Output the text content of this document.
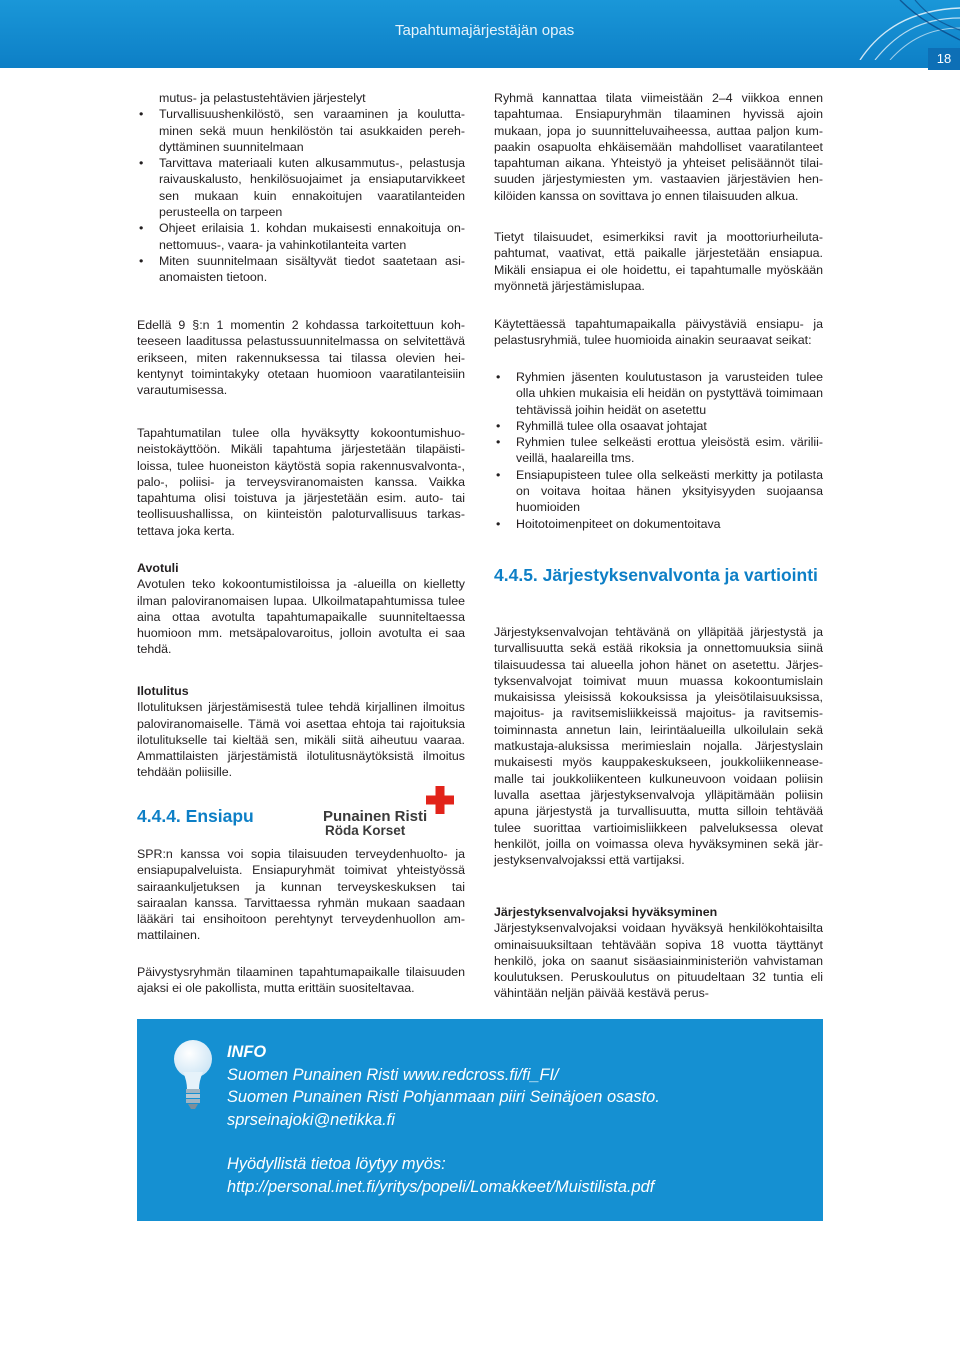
Tapahtumajärjestäjän opas
18

mutus- ja pelastustehtävien järjestelyt

• Turvallisuushenkilöstö, sen varaaminen ja kouluttaminen sekä muun henkilöstön tai asukkaiden perehdyttäminen suunnitelmaan
• Tarvittava materiaali kuten alkusammutus-, pelastusja raivauskalusto, henkilösuojaimet ja ensiaputarvikkeet sen mukaan kuin ennakoitujen vaaratilanteiden perusteella on tarpeen
• Ohjeet erilaisia 1. kohdan mukaisesti ennakoituja onnettomuus-, vaara- ja vahinkotilanteita varten
• Miten suunnitelmaan sisältyvät tiedot saatetaan asianomaisten tietoon.
Edellä 9 §:n 1 momentin 2 kohdassa tarkoitettuun kohteeseen laaditussa pelastussuunnitelmassa on selvitettävä erikseen, miten rakennuksessa tai tilassa olevien heikentynyt toimintakyky otetaan huomioon vaaratilanteisiin varautumisessa.
Tapahtumatilan tulee olla hyväksytty kokoontumishuoneistokäyttöön. Mikäli tapahtuma järjestetään tilapäistiloissa, tulee huoneiston käytöstä sopia rakennusvalvonta-, palo-, poliisi- ja terveysviranomaisten kanssa. Vaikka tapahtuma olisi toistuva ja järjestetään esim. auto- tai teollisuushallissa, on kiinteistön paloturvallisuus tarkastettava joka kerta.

Avotuli

Avotulen teko kokoontumistiloissa ja -alueilla on kielletty ilman paloviranomaisen lupaa. Ulkoilmatapahtumissa tulee aina ottaa avotulta tapahtumapaikalle suunniteltaessa huomioon mm. metsäpalovaroitus, jolloin avotulta ei saa tehdä.

Ilotulitus

Ilotulituksen järjestämisestä tulee tehdä kirjallinen ilmoitus paloviranomaiselle. Tämä voi asettaa ehtoja tai rajoituksia ilotulitukselle tai kieltää sen, mikäli siitä aiheutuu vaaraa. Ammattilaisten järjestämistä ilotulitusnäytöksistä ilmoitus tehdään poliisille.

4.4.4. Ensiapu	Punainen Risti
Röda Korset
SPR:n kanssa voi sopia tilaisuuden terveydenhuolto- ja ensiapupalveluista. Ensiapuryhmät toimivat yhteistyössä sairaankuljetuksen ja kunnan terveyskeskuksen tai sairaalan kanssa. Tarvittaessa ryhmän mukaan saadaan lääkäri tai ensihoitoon perehtynyt terveydenhuollon ammattilainen.
Päivystysryhmän tilaaminen tapahtumapaikalle tilaisuuden ajaksi ei ole pakollista, mutta erittäin suositeltavaa.
Ryhmä kannattaa tilata viimeistään 2–4 viikkoa ennen tapahtumaa. Ensiapuryhmän tilaaminen hyvissä ajoin mukaan, jopa jo suunnitteluvaiheessa, auttaa paljon kumpaakin osapuolta ehkäisemään mahdolliset vaaratilanteet tapahtuman aikana. Yhteistyö ja yhteiset pelisäännöt tilaisuuden järjestymiesten ym. vastaavien järjestävien henkilöiden kanssa on sovittava jo ennen tilaisuuden alkua.
Tietyt tilaisuudet, esimerkiksi ravit ja moottoriurheilutapahtumat, vaativat, että paikalle järjestetään ensiapua. Mikäli ensiapua ei ole hoidettu, ei tapahtumalle myöskään myönnetä järjestämislupaa.
Käytettäessä tapahtumapaikalla päivystäviä ensiapu- ja pelastusryhmiä, tulee huomioida ainakin seuraavat seikat:
• Ryhmien jäsenten koulutustason ja varusteiden tulee olla uhkien mukaisia eli heidän on pystyttävä toimimaan tehtävissä joihin heidät on asetettu
• Ryhmillä tulee olla osaavat johtajat
• Ryhmien tulee selkeästi erottua yleisöstä esim. väriliiveillä, haalareilla tms.
• Ensiapupisteen tulee olla selkeästi merkitty ja potilasta on voitava hoitaa hänen yksityisyyden suojaansa huomioiden
• Hoitotoimenpiteet on dokumentoitava
4.4.5. Järjestyksenvalvonta ja vartiointi
Järjestyksenvalvojan tehtävänä on ylläpitää järjestystä ja turvallisuutta sekä estää rikoksia ja onnettomuuksia siinä tilaisuudessa tai alueella johon hänet on asetettu. Järjestyksenvalvojat toimivat muun muassa kokoontumislain mukaisissa yleisissä kokouksissa ja yleisötilaisuuksissa, majoitus- ja ravitsemisliikkeissä majoitus- ja ravitsemistoiminnasta annetun lain, leirintäalueilla ulkoilulain sekä matkustaja-aluksissa merimieslain nojalla. Järjestyslain mukaisesti myös kauppakeskukseen, joukkoliikenneasemalle tai joukkoliikenteen kulkuneuvoon voidaan poliisin luvalla asettaa järjestyksenvalvoja ylläpitämään poliisin apuna järjestystä ja turvallisuutta, mutta silloin tehtävää tulee suorittaa vartioimisliikkeen palveluksessa olevat henkilöt, joilla on voimassa oleva hyväksyminen sekä järjestyksenvalvojakssi että vartijaksi.

Järjestyksenvalvojaksi hyväksyminen

Järjestyksenvalvojaksi voidaan hyväksyä henkilökohtaisilta ominaisuuksiltaan tehtävään sopiva 18 vuotta täyttänyt henkilö, joka on saanut sisäasiainministeriön vahvistaman koulutuksen. Peruskoulutus on pituudeltaan 32 tuntia eli vähintään neljän päivää kestävä perus-

INFO

Suomen Punainen Risti www.redcross.fi/fi_FI/

Suomen Punainen Risti Pohjanmaan piiri Seinäjoen osasto.

sprseinajoki@netikka.fi

Hyödyllistä tietoa löytyy myös:

http://personal.inet.fi/yritys/popeli/Lomakkeet/Muistilista.pdf
